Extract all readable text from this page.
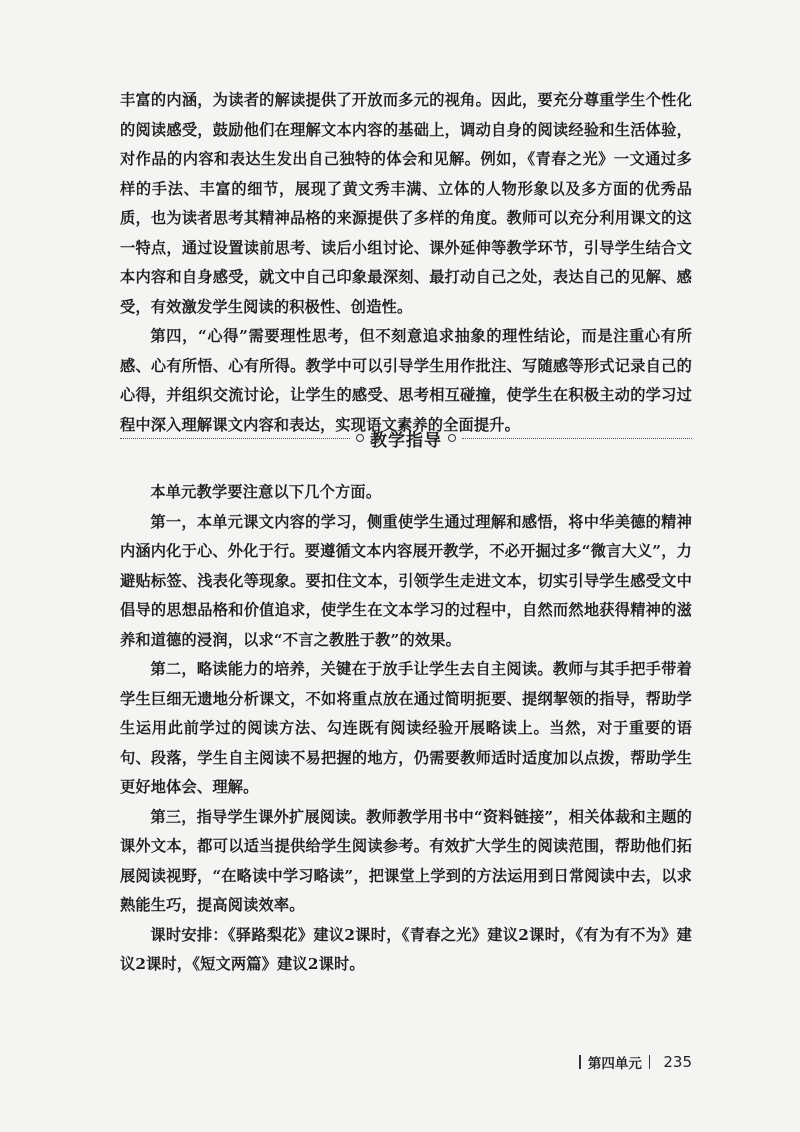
丰富的内涵，为读者的解读提供了开放而多元的视角。因此，要充分尊重学生个性化的阅读感受，鼓励他们在理解文本内容的基础上，调动自身的阅读经验和生活体验，对作品的内容和表达生发出自己独特的体会和见解。例如，《青春之光》一文通过多样的手法、丰富的细节，展现了黄文秀丰满、立体的人物形象以及多方面的优秀品质，也为读者思考其精神品格的来源提供了多样的角度。教师可以充分利用课文的这一特点，通过设置读前思考、读后小组讨论、课外延伸等教学环节，引导学生结合文本内容和自身感受，就文中自己印象最深刻、最打动自己之处，表达自己的见解、感受，有效激发学生阅读的积极性、创造性。

第四，“心得”需要理性思考，但不刻意追求抽象的理性结论，而是注重心有所感、心有所悟、心有所得。教学中可以引导学生用作批注、写随感等形式记录自己的心得，并组织交流讨论，让学生的感受、思考相互碰撞，使学生在积极主动的学习过程中深入理解课文内容和表达，实现语文素养的全面提升。

教学指导

本单元教学要注意以下几个方面。

第一，本单元课文内容的学习，侧重使学生通过理解和感悟，将中华美德的精神内涵内化于心、外化于行。要遵循文本内容展开教学，不必开掘过多“微言大义”，力避贴标签、浅表化等现象。要扣住文本，引领学生走进文本，切实引导学生感受文中倡导的思想品格和价值追求，使学生在文本学习的过程中，自然而然地获得精神的滋养和道德的浸润，以求“不言之教胜于教”的效果。

第二，略读能力的培养，关键在于放手让学生去自主阅读。教师与其手把手带着学生巨细无遗地分析课文，不如将重点放在通过简明扼要、提纲挈领的指导，帮助学生运用此前学过的阅读方法、勾连既有阅读经验开展略读上。当然，对于重要的语句、段落，学生自主阅读不易把握的地方，仍需要教师适时适度加以点拨，帮助学生更好地体会、理解。

第三，指导学生课外扩展阅读。教师教学用书中“资料链接”，相关体裁和主题的课外文本，都可以适当提供给学生阅读参考。有效扩大学生的阅读范围，帮助他们拓展阅读视野，“在略读中学习略读”，把课堂上学到的方法运用到日常阅读中去，以求熟能生巧，提高阅读效率。

课时安排：《驿路梨花》建议2课时，《青春之光》建议2课时，《有为有不为》建议2课时，《短文两篇》建议2课时。

第四单元 235
